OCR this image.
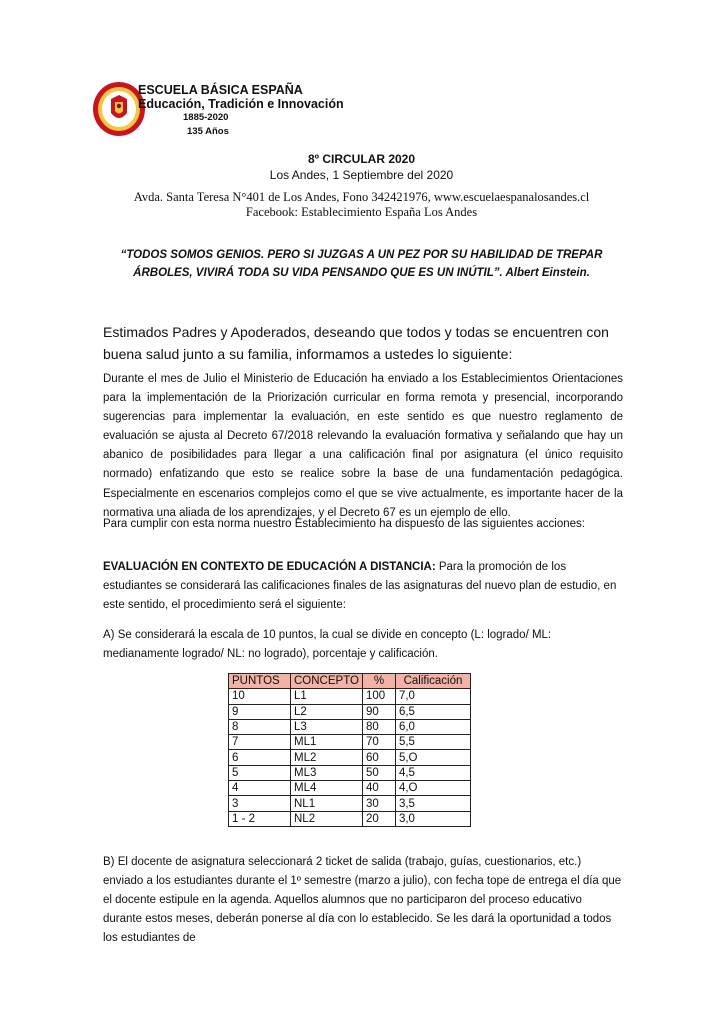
ESCUELA BÁSICA ESPAÑA
Educación, Tradición e Innovación
1885-2020
135 Años
8º CIRCULAR 2020
Los Andes, 1 Septiembre del 2020
Avda. Santa Teresa N°401 de Los Andes, Fono 342421976, www.escuelaespanalosandes.cl
Facebook: Establecimiento España Los Andes
“TODOS SOMOS GENIOS. PERO SI JUZGAS A UN PEZ POR SU HABILIDAD DE TREPAR ÁRBOLES, VIVIRÁ TODA SU VIDA PENSANDO QUE ES UN INÚTIL”. Albert Einstein.

Estimados Padres y Apoderados, deseando que todos y todas se encuentren con buena salud junto a su familia, informamos a ustedes lo siguiente:

Durante el mes de Julio el Ministerio de Educación ha enviado a los Establecimientos Orientaciones para la implementación de la Priorización curricular en forma remota y presencial, incorporando sugerencias para implementar la evaluación, en este sentido es que nuestro reglamento de evaluación se ajusta al Decreto 67/2018 relevando la evaluación formativa y señalando que hay un abanico de posibilidades para llegar a una calificación final por asignatura (el único requisito normado) enfatizando que esto se realice sobre la base de una fundamentación pedagógica. Especialmente en escenarios complejos como el que se vive actualmente, es importante hacer de la normativa una aliada de los aprendizajes, y el Decreto 67 es un ejemplo de ello.

Para cumplir con esta norma nuestro Establecimiento ha dispuesto de las siguientes acciones:

EVALUACIÓN EN CONTEXTO DE EDUCACIÓN A DISTANCIA: Para la promoción de los estudiantes se considerará las calificaciones finales de las asignaturas del nuevo plan de estudio, en este sentido, el procedimiento será el siguiente:

A) Se considerará la escala de 10 puntos, la cual se divide en concepto (L: logrado/ ML: medianamente logrado/ NL: no logrado), porcentaje y calificación.

PUNTOS	CONCEPTO	%	Calificación
10	L1	100	7,0
9	L2	90	6,5
8	L3	80	6,0
7	ML1	70	5,5
6	ML2	60	5,O
5	ML3	50	4,5
4	ML4	40	4,O
3	NL1	30	3,5
1 - 2	NL2	20	3,0

B) El docente de asignatura seleccionará 2 ticket de salida (trabajo, guías, cuestionarios, etc.) enviado a los estudiantes durante el 1º semestre (marzo a julio), con fecha tope de entrega el día que el docente estipule en la agenda. Aquellos alumnos que no participaron del proceso educativo durante estos meses, deberán ponerse al día con lo establecido. Se les dará la oportunidad a todos los estudiantes de
